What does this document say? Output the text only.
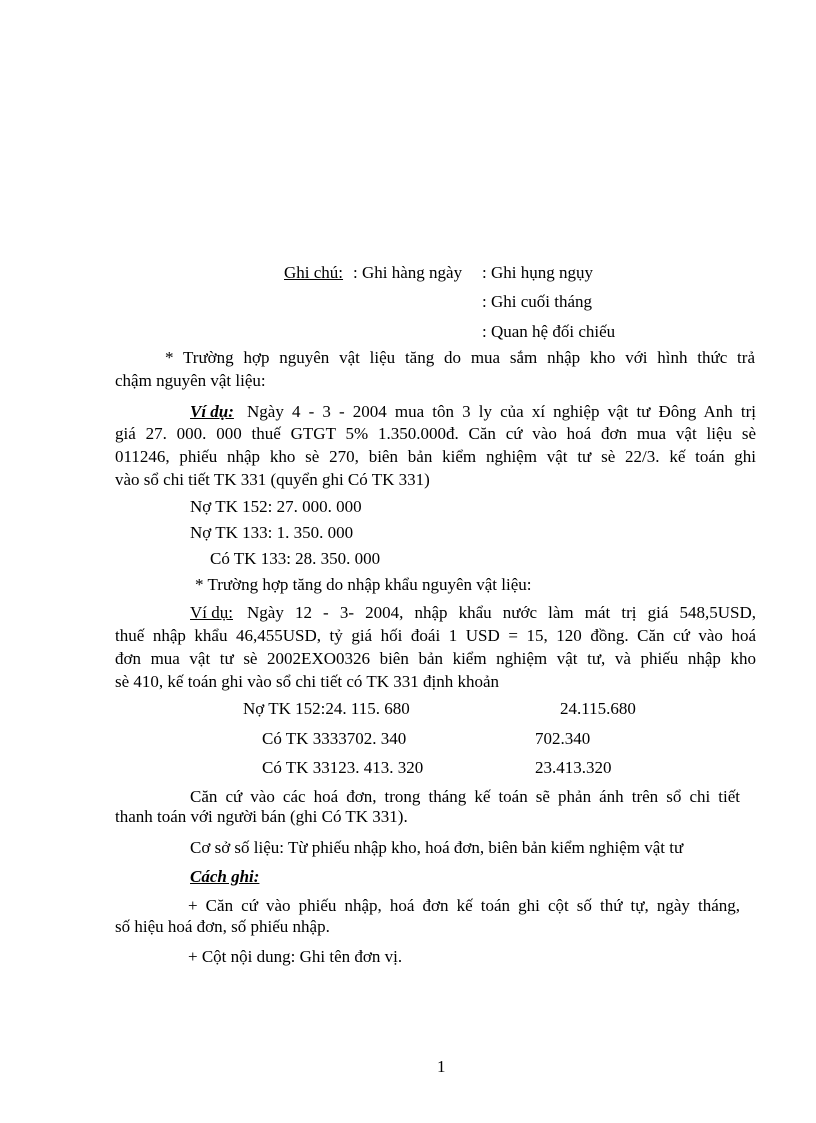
Ghi chú: : Ghi hàng ngày : Ghi hụng ngụy
: Ghi cuối tháng
: Quan hệ đối chiếu
* Trường hợp nguyên vật liệu tăng do mua sắm nhập kho với hình thức trả
chậm nguyên vật liệu:
Ví dụ: Ngày 4 - 3 - 2004 mua tôn 3 ly của xí nghiệp vật tư Đông Anh trị
giá 27. 000. 000 thuế GTGT 5% 1.350.000đ. Căn cứ vào hoá đơn mua vật liệu sè
011246, phiếu nhập kho sè 270, biên bản kiểm nghiệm vật tư sè 22/3. kế toán ghi
vào sổ chi tiết TK 331 (quyển ghi Có TK 331)
Nợ TK 152: 27. 000. 000
Nợ TK 133: 1. 350. 000
Có TK 133: 28. 350. 000
* Trường hợp tăng do nhập khẩu nguyên vật liệu:
Ví dụ: Ngày 12 - 3- 2004, nhập khẩu nước làm mát trị giá 548,5USD,
thuế nhập khẩu 46,455USD, tỷ giá hối đoái 1 USD = 15, 120 đồng. Căn cứ vào hoá
đơn mua vật tư sè 2002EXO0326 biên bản kiểm nghiệm vật tư, và phiếu nhập kho
sè 410, kế toán ghi vào sổ chi tiết có TK 331 định khoản
Nợ TK 152:24. 115. 680	24.115.680
Có TK 3333702. 340	702.340
Có TK 33123. 413. 320	23.413.320
Căn cứ vào các hoá đơn, trong tháng kế toán sẽ phản ánh trên sổ chi tiết
thanh toán với người bán (ghi Có TK 331).
Cơ sở số liệu: Từ phiếu nhập kho, hoá đơn, biên bản kiểm nghiệm vật tư
Cách ghi:
+ Căn cứ vào phiếu nhập, hoá đơn kế toán ghi cột số thứ tự, ngày tháng,
số hiệu hoá đơn, số phiếu nhập.
+ Cột nội dung: Ghi tên đơn vị.
1
